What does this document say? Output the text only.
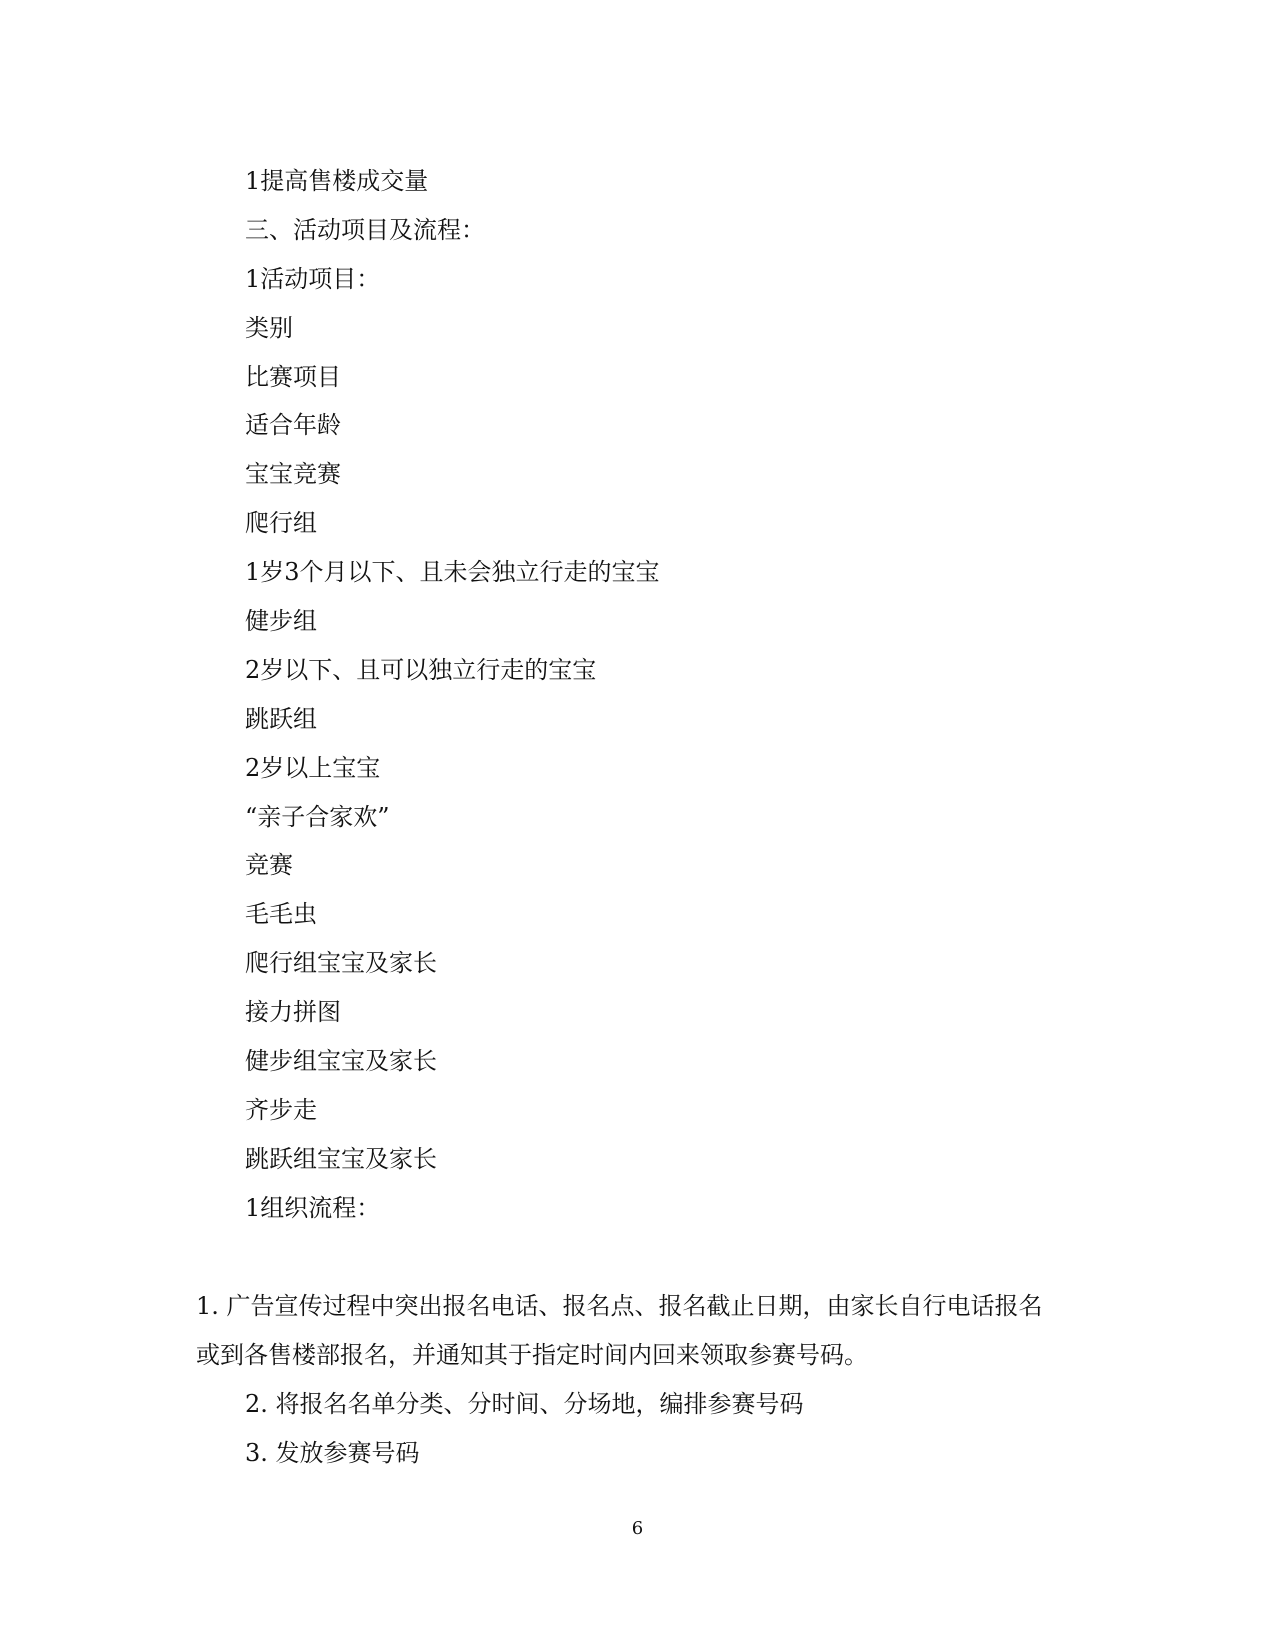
1提高售楼成交量

三、活动项目及流程：

1活动项目：

类别

比赛项目

适合年龄

宝宝竞赛

爬行组

1岁3个月以下、且未会独立行走的宝宝

健步组

2岁以下、且可以独立行走的宝宝

跳跃组

2岁以上宝宝

“亲子合家欢”

竞赛

毛毛虫

爬行组宝宝及家长

接力拼图

健步组宝宝及家长

齐步走

跳跃组宝宝及家长

1组织流程：

1. 广告宣传过程中突出报名电话、报名点、报名截止日期，由家长自行电话报名

或到各售楼部报名，并通知其于指定时间内回来领取参赛号码。

2. 将报名名单分类、分时间、分场地，编排参赛号码

3. 发放参赛号码

6
